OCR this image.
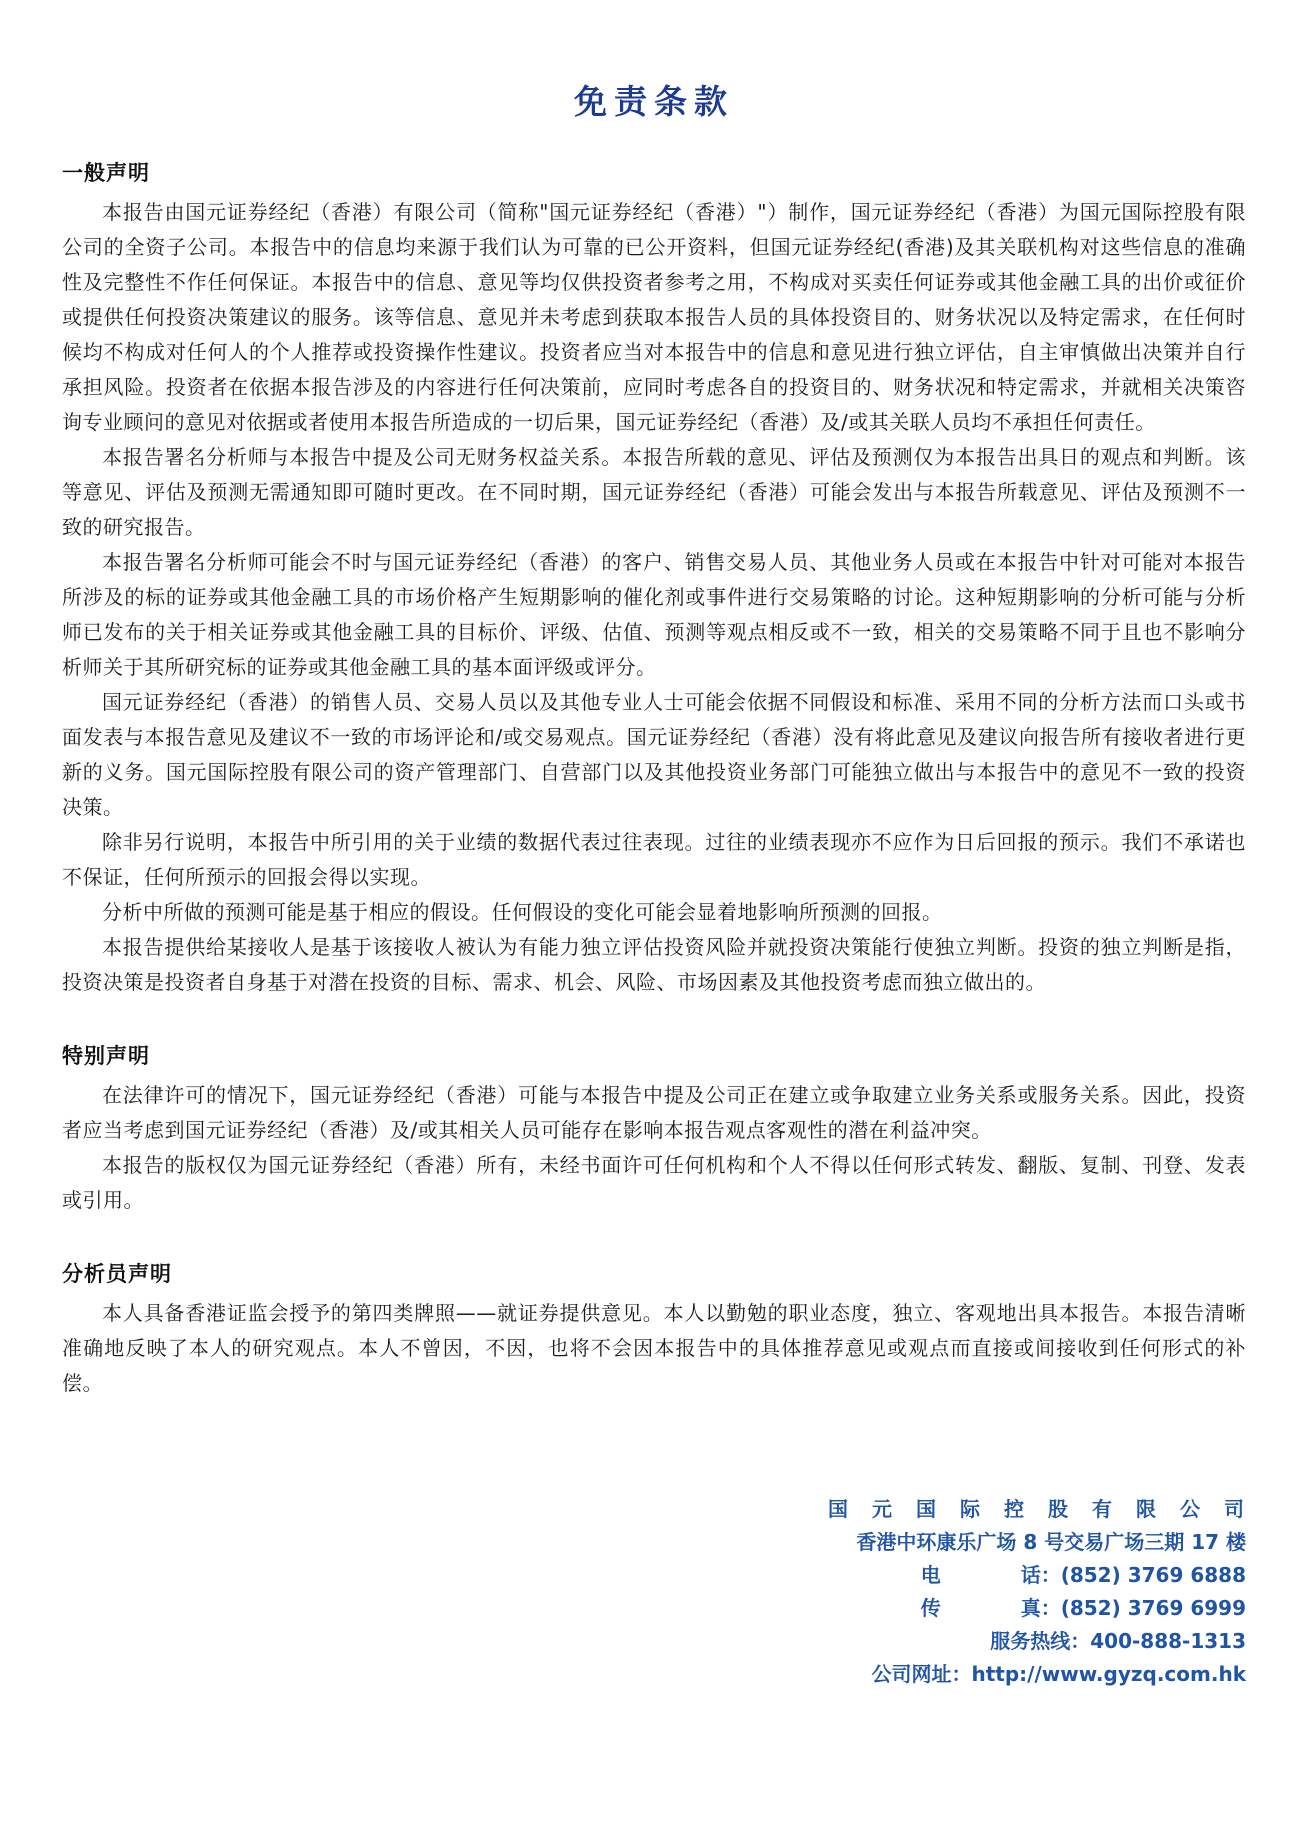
免责条款
一般声明

本报告由国元证券经纪（香港）有限公司（简称"国元证券经纪（香港）"）制作，国元证券经纪（香港）为国元国际控股有限公司的全资子公司。本报告中的信息均来源于我们认为可靠的已公开资料，但国元证券经纪(香港)及其关联机构对这些信息的准确性及完整性不作任何保证。本报告中的信息、意见等均仅供投资者参考之用，不构成对买卖任何证券或其他金融工具的出价或征价或提供任何投资决策建议的服务。该等信息、意见并未考虑到获取本报告人员的具体投资目的、财务状况以及特定需求，在任何时候均不构成对任何人的个人推荐或投资操作性建议。投资者应当对本报告中的信息和意见进行独立评估，自主审慎做出决策并自行承担风险。投资者在依据本报告涉及的内容进行任何决策前，应同时考虑各自的投资目的、财务状况和特定需求，并就相关决策咨询专业顾问的意见对依据或者使用本报告所造成的一切后果，国元证券经纪（香港）及/或其关联人员均不承担任何责任。

本报告署名分析师与本报告中提及公司无财务权益关系。本报告所载的意见、评估及预测仅为本报告出具日的观点和判断。该等意见、评估及预测无需通知即可随时更改。在不同时期，国元证券经纪（香港）可能会发出与本报告所载意见、评估及预测不一致的研究报告。

本报告署名分析师可能会不时与国元证券经纪（香港）的客户、销售交易人员、其他业务人员或在本报告中针对可能对本报告所涉及的标的证券或其他金融工具的市场价格产生短期影响的催化剂或事件进行交易策略的讨论。这种短期影响的分析可能与分析师已发布的关于相关证券或其他金融工具的目标价、评级、估值、预测等观点相反或不一致，相关的交易策略不同于且也不影响分析师关于其所研究标的证券或其他金融工具的基本面评级或评分。

国元证券经纪（香港）的销售人员、交易人员以及其他专业人士可能会依据不同假设和标准、采用不同的分析方法而口头或书面发表与本报告意见及建议不一致的市场评论和/或交易观点。国元证券经纪（香港）没有将此意见及建议向报告所有接收者进行更新的义务。国元国际控股有限公司的资产管理部门、自营部门以及其他投资业务部门可能独立做出与本报告中的意见不一致的投资决策。

除非另行说明，本报告中所引用的关于业绩的数据代表过往表现。过往的业绩表现亦不应作为日后回报的预示。我们不承诺也不保证，任何所预示的回报会得以实现。

分析中所做的预测可能是基于相应的假设。任何假设的变化可能会显着地影响所预测的回报。

本报告提供给某接收人是基于该接收人被认为有能力独立评估投资风险并就投资决策能行使独立判断。投资的独立判断是指，投资决策是投资者自身基于对潜在投资的目标、需求、机会、风险、市场因素及其他投资考虑而独立做出的。

特别声明

在法律许可的情况下，国元证券经纪（香港）可能与本报告中提及公司正在建立或争取建立业务关系或服务关系。因此，投资者应当考虑到国元证券经纪（香港）及/或其相关人员可能存在影响本报告观点客观性的潜在利益冲突。

本报告的版权仅为国元证券经纪（香港）所有，未经书面许可任何机构和个人不得以任何形式转发、翻版、复制、刊登、发表或引用。

分析员声明

本人具备香港证监会授予的第四类牌照——就证券提供意见。本人以勤勉的职业态度，独立、客观地出具本报告。本报告清晰准确地反映了本人的研究观点。本人不曾因，不因，也将不会因本报告中的具体推荐意见或观点而直接或间接收到任何形式的补偿。

国　元　国　际　控　股　有　限　公　司
香港中环康乐广场 8 号交易广场三期 17 楼
电　　　　话：(852) 3769 6888
传　　　　真：(852) 3769 6999
服务热线：400-888-1313
公司网址：http://www.gyzq.com.hk
